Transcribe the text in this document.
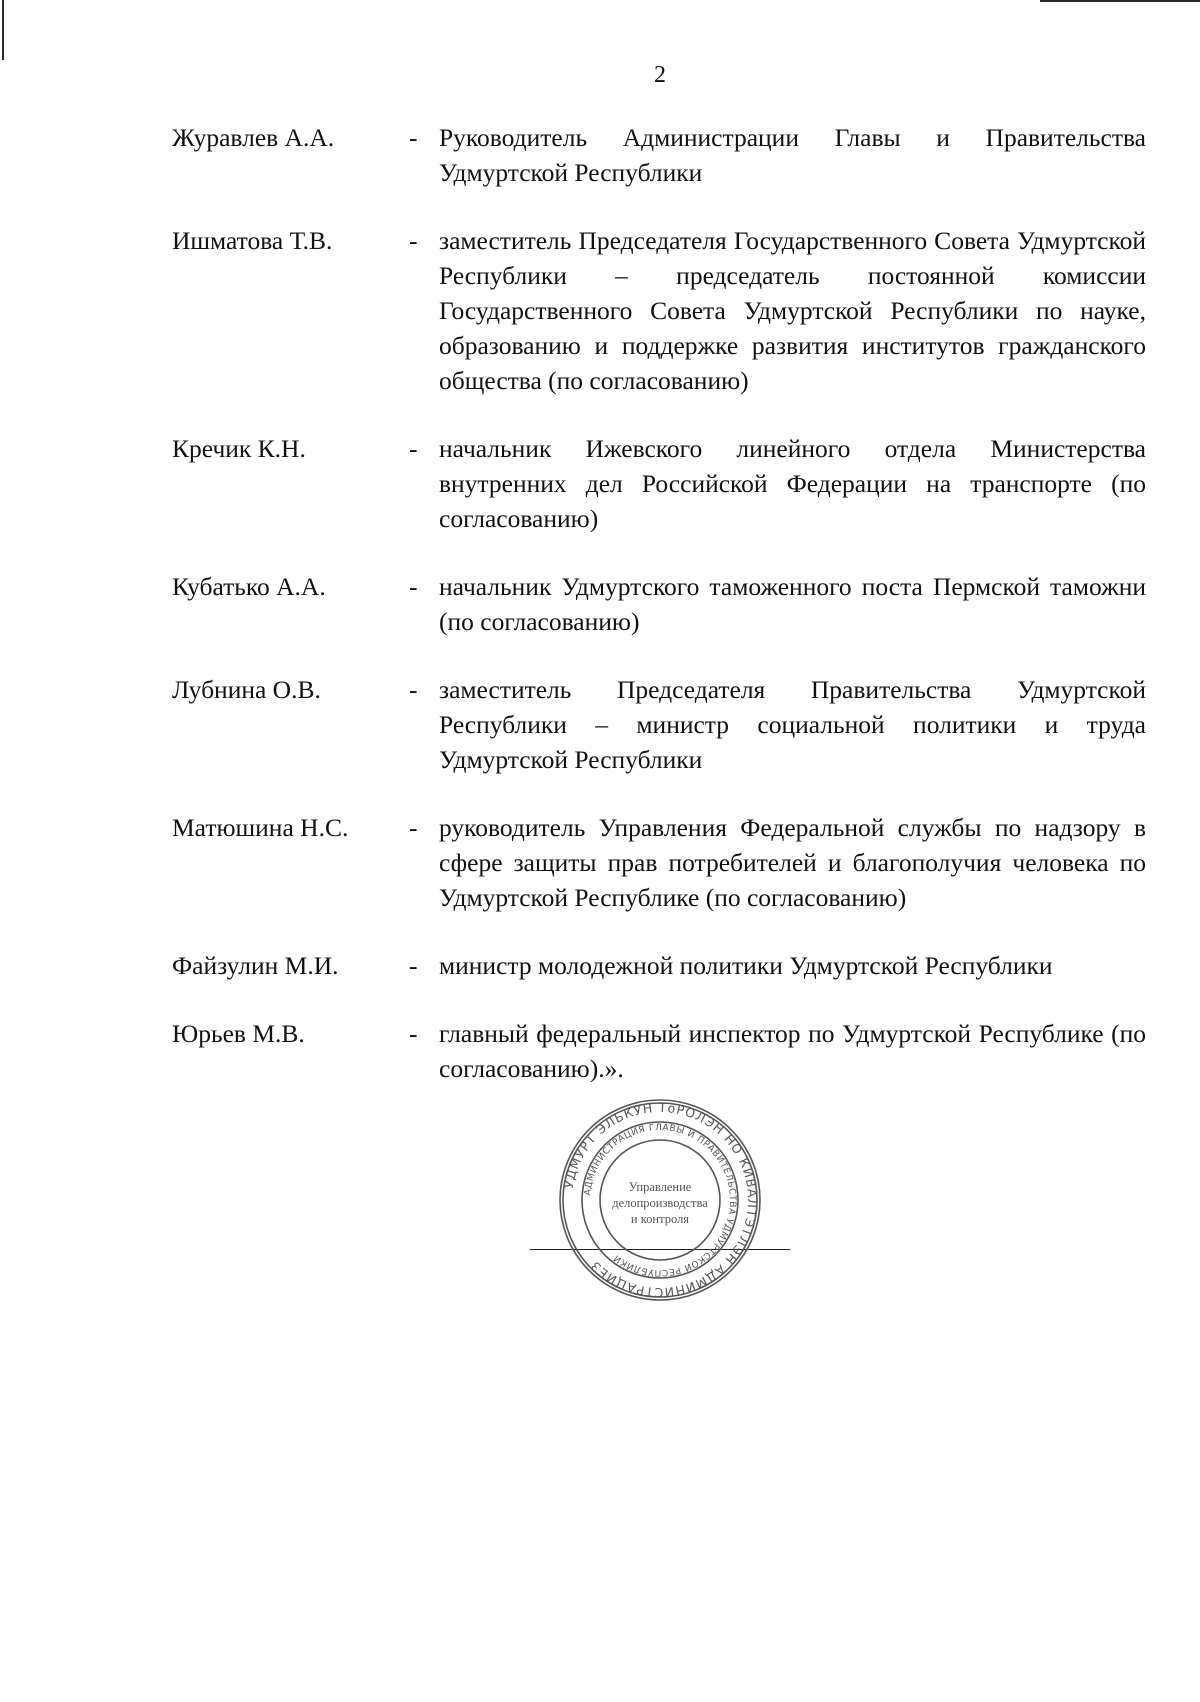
2
Журавлев А.А.	- Руководитель Администрации Главы и Правительства Удмуртской Республики
Ишматова Т.В.	- заместитель Председателя Государственного Совета Удмуртской Республики – председатель постоянной комиссии Государственного Совета Удмуртской Республики по науке, образованию и поддержке развития институтов гражданского общества (по согласованию)
Кречик К.Н.	- начальник Ижевского линейного отдела Министерства внутренних дел Российской Федерации на транспорте (по согласованию)
Кубатько А.А.	- начальник Удмуртского таможенного поста Пермской таможни (по согласованию)
Лубнина О.В.	- заместитель Председателя Правительства Удмуртской Республики – министр социальной политики и труда Удмуртской Республики
Матюшина Н.С.	- руководитель Управления Федеральной службы по надзору в сфере защиты прав потребителей и благополучия человека по Удмуртской Республике (по согласованию)
Файзулин М.И.	- министр молодежной политики Удмуртской Республики
Юрьев М.В.	- главный федеральный инспектор по Удмуртской Республике (по согласованию).».
УДМУРТ ЭЛЬКУН ТӧРОЛЭН НО КИВАЛТЭТЛЭН АДМИНИСТРАЦИЕЗ
АДМИНИСТРАЦИЯ ГЛАВЫ И ПРАВИТЕЛЬСТВА УДМУРТСКОЙ РЕСПУБЛИКИ
Управление
делопроизводства
и контроля
